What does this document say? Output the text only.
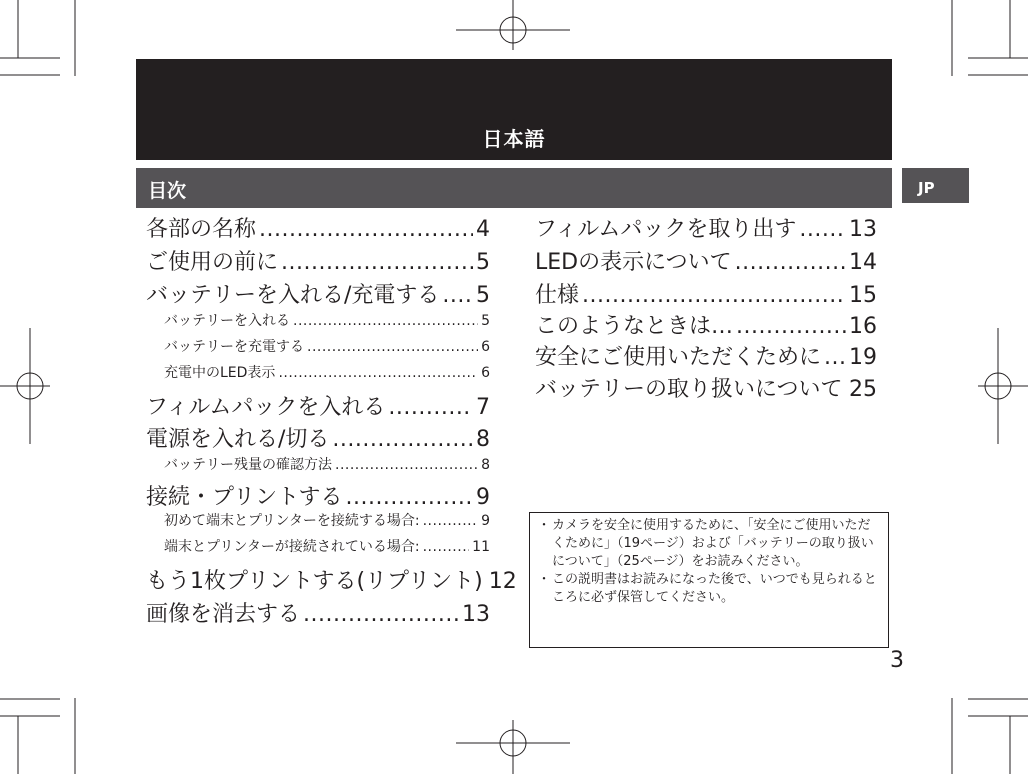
日本語
目次	JP
各部の名称 .....	4
ご使用の前に .....	5
バッテリーを入れる/充電する ..... 5
バッテリーを入れる .....	5
バッテリーを充電する .....	6
充電中のLED表示 .....	6
フィルムパックを入れる .....	7
電源を入れる/切る .....	8
バッテリー残量の確認方法 .....	8
接続・プリントする .....	9
初めて端末とプリンターを接続する場合: .....	9
端末とプリンターが接続されている場合: .....	11
もう1枚プリントする(リプリント) 12
画像を消去する .....	13
フィルムパックを取り出す ..... 13
LEDの表示について .....	14
仕様 .....	15
このようなときは… .....	16
安全にご使用いただくために ..... 19
バッテリーの取り扱いについて ..... 25
・ カメラを安全に使用するために、「安全にご使用いただくために」（19ページ）および「バッテリーの取り扱いについて」（25ページ）をお読みください。
・ この説明書はお読みになった後で、いつでも見られるところに必ず保管してください。
3
